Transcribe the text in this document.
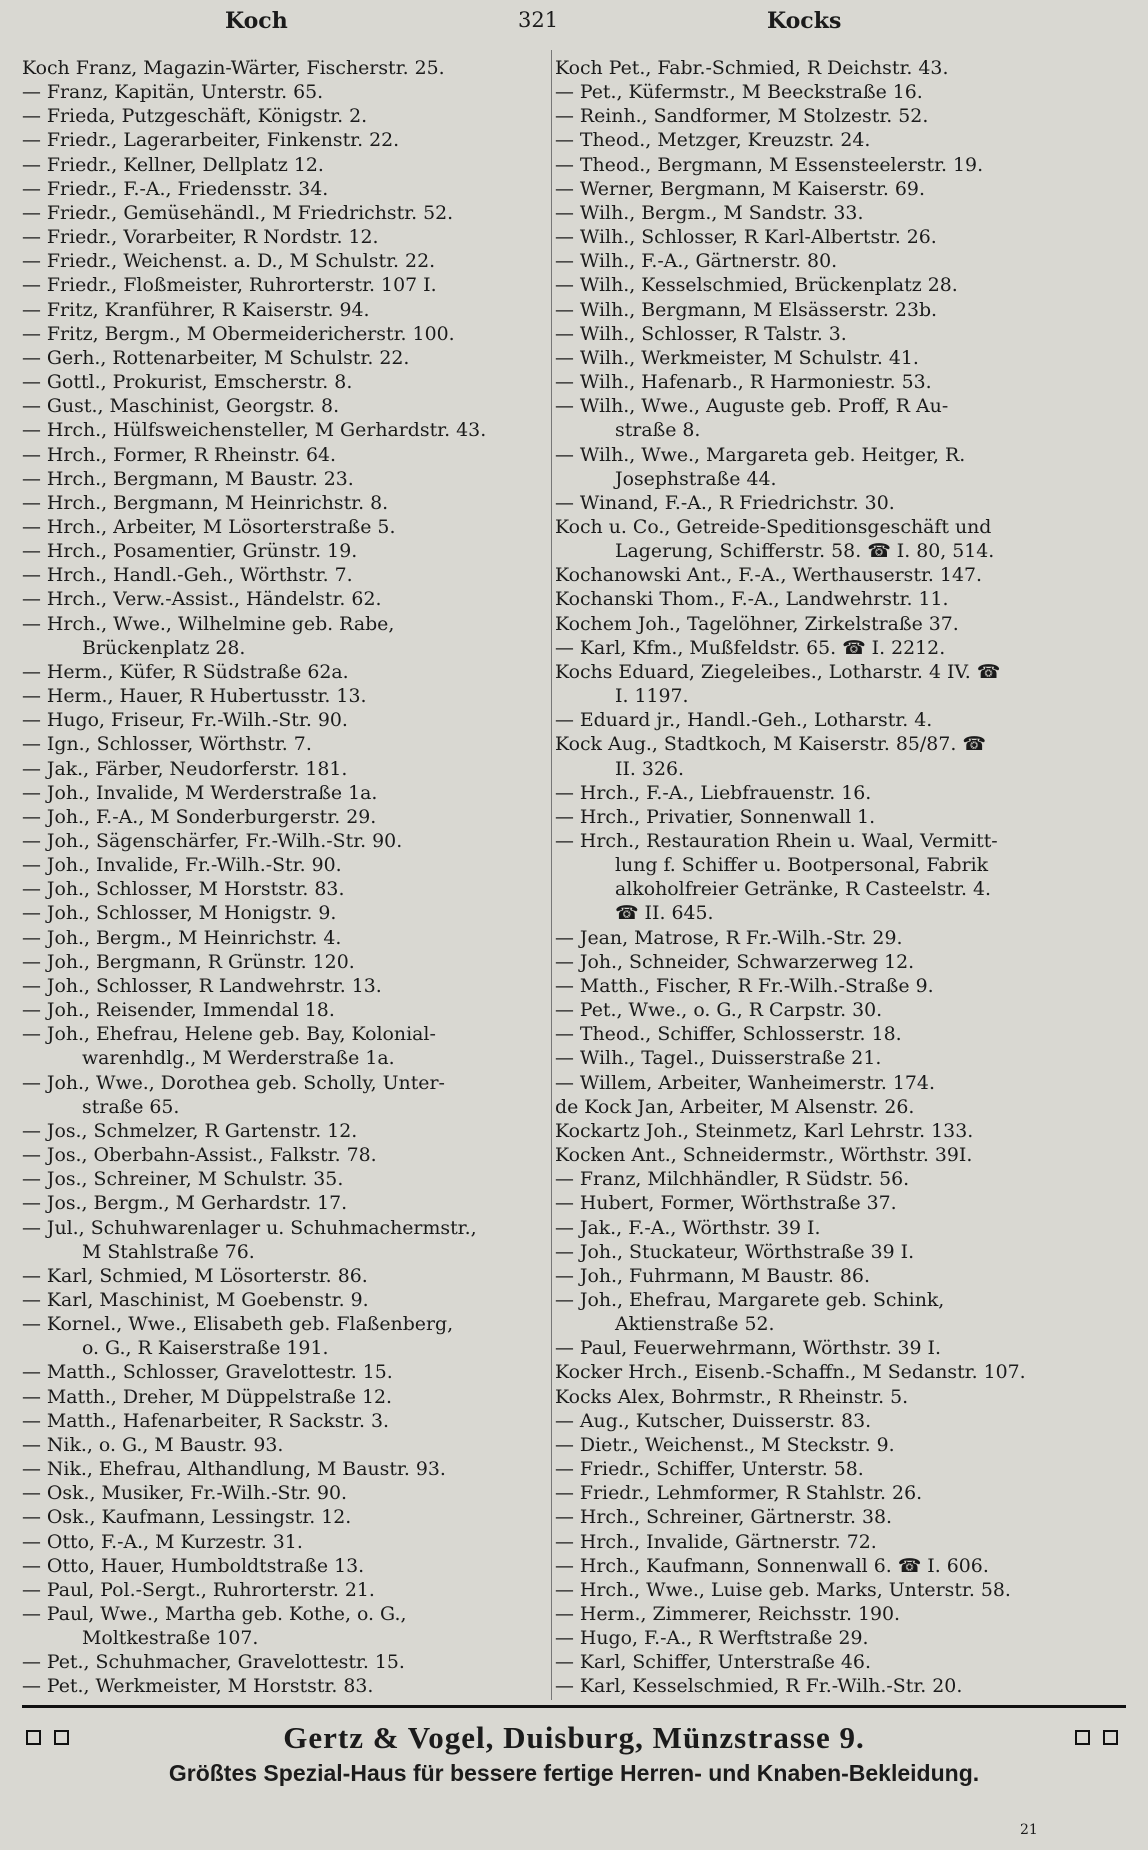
Koch	321	Kocks
Koch Franz, Magazin-Wärter, Fischerstr. 25.
— Franz, Kapitän, Unterstr. 65.
— Frieda, Putzgeschäft, Königstr. 2.
— Friedr., Lagerarbeiter, Finkenstr. 22.
— Friedr., Kellner, Dellplatz 12.
— Friedr., F.-A., Friedensstr. 34.
— Friedr., Gemüsehändl., M Friedrichstr. 52.
— Friedr., Vorarbeiter, R Nordstr. 12.
— Friedr., Weichenst. a. D., M Schulstr. 22.
— Friedr., Floßmeister, Ruhrorterstr. 107 I.
— Fritz, Kranführer, R Kaiserstr. 94.
— Fritz, Bergm., M Obermeidericherstr. 100.
— Gerh., Rottenarbeiter, M Schulstr. 22.
— Gottl., Prokurist, Emscherstr. 8.
— Gust., Maschinist, Georgstr. 8.
— Hrch., Hülfsweichensteller, M Gerhardstr. 43.
— Hrch., Former, R Rheinstr. 64.
— Hrch., Bergmann, M Baustr. 23.
— Hrch., Bergmann, M Heinrichstr. 8.
— Hrch., Arbeiter, M Lösorterstraße 5.
— Hrch., Posamentier, Grünstr. 19.
— Hrch., Handl.-Geh., Wörthstr. 7.
— Hrch., Verw.-Assist., Händelstr. 62.
— Hrch., Wwe., Wilhelmine geb. Rabe,
Brückenplatz 28.
— Herm., Küfer, R Südstraße 62a.
— Herm., Hauer, R Hubertusstr. 13.
— Hugo, Friseur, Fr.-Wilh.-Str. 90.
— Ign., Schlosser, Wörthstr. 7.
— Jak., Färber, Neudorferstr. 181.
— Joh., Invalide, M Werderstraße 1a.
— Joh., F.-A., M Sonderburgerstr. 29.
— Joh., Sägenschärfer, Fr.-Wilh.-Str. 90.
— Joh., Invalide, Fr.-Wilh.-Str. 90.
— Joh., Schlosser, M Horststr. 83.
— Joh., Schlosser, M Honigstr. 9.
— Joh., Bergm., M Heinrichstr. 4.
— Joh., Bergmann, R Grünstr. 120.
— Joh., Schlosser, R Landwehrstr. 13.
— Joh., Reisender, Immendal 18.
— Joh., Ehefrau, Helene geb. Bay, Kolonial-
warenhdlg., M Werderstraße 1a.
— Joh., Wwe., Dorothea geb. Scholly, Unter-
straße 65.
— Jos., Schmelzer, R Gartenstr. 12.
— Jos., Oberbahn-Assist., Falkstr. 78.
— Jos., Schreiner, M Schulstr. 35.
— Jos., Bergm., M Gerhardstr. 17.
— Jul., Schuhwarenlager u. Schuhmachermstr.,
M Stahlstraße 76.
— Karl, Schmied, M Lösorterstr. 86.
— Karl, Maschinist, M Goebenstr. 9.
— Kornel., Wwe., Elisabeth geb. Flaßenberg,
o. G., R Kaiserstraße 191.
— Matth., Schlosser, Gravelottestr. 15.
— Matth., Dreher, M Düppelstraße 12.
— Matth., Hafenarbeiter, R Sackstr. 3.
— Nik., o. G., M Baustr. 93.
— Nik., Ehefrau, Althandlung, M Baustr. 93.
— Osk., Musiker, Fr.-Wilh.-Str. 90.
— Osk., Kaufmann, Lessingstr. 12.
— Otto, F.-A., M Kurzestr. 31.
— Otto, Hauer, Humboldtstraße 13.
— Paul, Pol.-Sergt., Ruhrorterstr. 21.
— Paul, Wwe., Martha geb. Kothe, o. G.,
Moltkestraße 107.
— Pet., Schuhmacher, Gravelottestr. 15.
— Pet., Werkmeister, M Horststr. 83.
Koch Pet., Fabr.-Schmied, R Deichstr. 43.
— Pet., Küfermstr., M Beeckstraße 16.
— Reinh., Sandformer, M Stolzestr. 52.
— Theod., Metzger, Kreuzstr. 24.
— Theod., Bergmann, M Essensteelerstr. 19.
— Werner, Bergmann, M Kaiserstr. 69.
— Wilh., Bergm., M Sandstr. 33.
— Wilh., Schlosser, R Karl-Albertstr. 26.
— Wilh., F.-A., Gärtnerstr. 80.
— Wilh., Kesselschmied, Brückenplatz 28.
— Wilh., Bergmann, M Elsässerstr. 23b.
— Wilh., Schlosser, R Talstr. 3.
— Wilh., Werkmeister, M Schulstr. 41.
— Wilh., Hafenarb., R Harmoniestr. 53.
— Wilh., Wwe., Auguste geb. Proff, R Au-
straße 8.
— Wilh., Wwe., Margareta geb. Heitger, R.
Josephstraße 44.
— Winand, F.-A., R Friedrichstr. 30.
Koch u. Co., Getreide-Speditionsgeschäft und
Lagerung, Schifferstr. 58. ☎ I. 80, 514.
Kochanowski Ant., F.-A., Werthauserstr. 147.
Kochanski Thom., F.-A., Landwehrstr. 11.
Kochem Joh., Tagelöhner, Zirkelstraße 37.
— Karl, Kfm., Mußfeldstr. 65. ☎ I. 2212.
Kochs Eduard, Ziegeleibes., Lotharstr. 4 IV. ☎
I. 1197.
— Eduard jr., Handl.-Geh., Lotharstr. 4.
Kock Aug., Stadtkoch, M Kaiserstr. 85/87. ☎
II. 326.
— Hrch., F.-A., Liebfrauenstr. 16.
— Hrch., Privatier, Sonnenwall 1.
— Hrch., Restauration Rhein u. Waal, Vermitt-
lung f. Schiffer u. Bootpersonal, Fabrik
alkoholfreier Getränke, R Casteelstr. 4.
☎ II. 645.
— Jean, Matrose, R Fr.-Wilh.-Str. 29.
— Joh., Schneider, Schwarzerweg 12.
— Matth., Fischer, R Fr.-Wilh.-Straße 9.
— Pet., Wwe., o. G., R Carpstr. 30.
— Theod., Schiffer, Schlosserstr. 18.
— Wilh., Tagel., Duisserstraße 21.
— Willem, Arbeiter, Wanheimerstr. 174.
de Kock Jan, Arbeiter, M Alsenstr. 26.
Kockartz Joh., Steinmetz, Karl Lehrstr. 133.
Kocken Ant., Schneidermstr., Wörthstr. 39I.
— Franz, Milchhändler, R Südstr. 56.
— Hubert, Former, Wörthstraße 37.
— Jak., F.-A., Wörthstr. 39 I.
— Joh., Stuckateur, Wörthstraße 39 I.
— Joh., Fuhrmann, M Baustr. 86.
— Joh., Ehefrau, Margarete geb. Schink,
Aktienstraße 52.
— Paul, Feuerwehrmann, Wörthstr. 39 I.
Kocker Hrch., Eisenb.-Schaffn., M Sedanstr. 107.
Kocks Alex, Bohrmstr., R Rheinstr. 5.
— Aug., Kutscher, Duisserstr. 83.
— Dietr., Weichenst., M Steckstr. 9.
— Friedr., Schiffer, Unterstr. 58.
— Friedr., Lehmformer, R Stahlstr. 26.
— Hrch., Schreiner, Gärtnerstr. 38.
— Hrch., Invalide, Gärtnerstr. 72.
— Hrch., Kaufmann, Sonnenwall 6. ☎ I. 606.
— Hrch., Wwe., Luise geb. Marks, Unterstr. 58.
— Herm., Zimmerer, Reichsstr. 190.
— Hugo, F.-A., R Werftstraße 29.
— Karl, Schiffer, Unterstraße 46.
— Karl, Kesselschmied, R Fr.-Wilh.-Str. 20.
Gertz & Vogel, Duisburg, Münzstrasse 9.
Größtes Spezial-Haus für bessere fertige Herren- und Knaben-Bekleidung.
21
